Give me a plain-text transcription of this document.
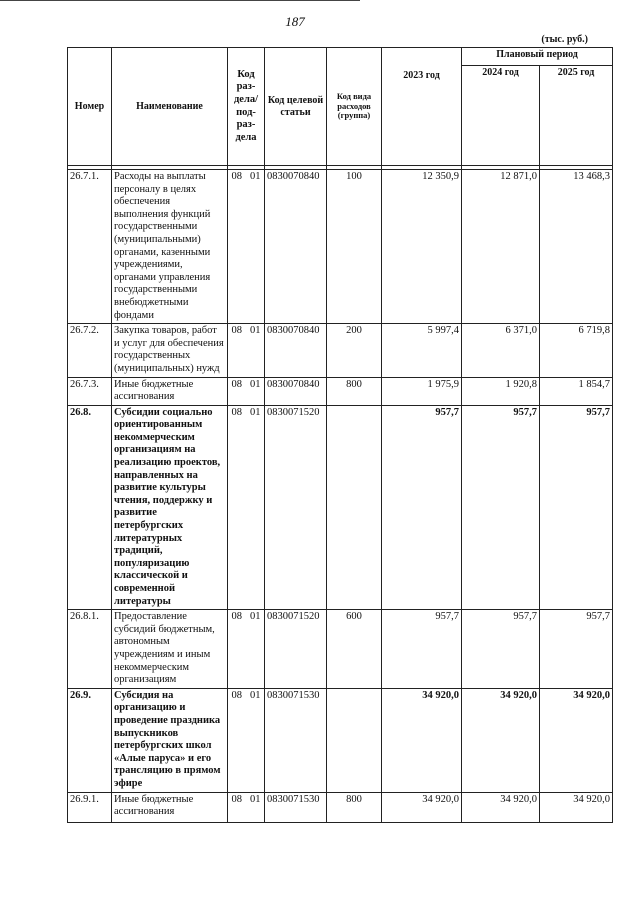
187
(тыс. руб.)
Номер	Наименование	Код раз- дела/ под- раз- дела		Код целевой статьи	Код вида расходов (группа)	2023 год	Плановый период	
							2024 год	2025 год

26.7.1.	Расходы на выплаты персоналу в целях обеспечения выполнения функций государственными (муниципальными) органами, казенными учреждениями, органами управления государственными внебюджетными фондами	08	01	0830070840	100	12 350,9	12 871,0	13 468,3
26.7.2.	Закупка товаров, работ и услуг для обеспечения государственных (муниципальных) нужд	08	01	0830070840	200	5 997,4	6 371,0	6 719,8
26.7.3.	Иные бюджетные ассигнования	08	01	0830070840	800	1 975,9	1 920,8	1 854,7
26.8.	Субсидии социально ориентированным некоммерческим организациям на реализацию проектов, направленных на развитие культуры чтения, поддержку и развитие петербургских литературных традиций, популяризацию классической и современной литературы	08	01	0830071520		957,7	957,7	957,7
26.8.1.	Предоставление субсидий бюджетным, автономным учреждениям и иным некоммерческим организациям	08	01	0830071520	600	957,7	957,7	957,7
26.9.	Субсидия на организацию и проведение праздника выпускников петербургских школ «Алые паруса» и его трансляцию в прямом эфире	08	01	0830071530		34 920,0	34 920,0	34 920,0
26.9.1.	Иные бюджетные ассигнования	08	01	0830071530	800	34 920,0	34 920,0	34 920,0
